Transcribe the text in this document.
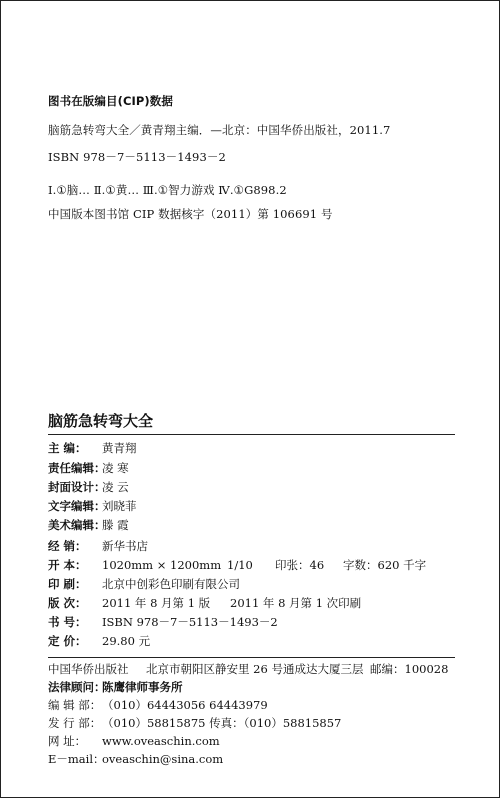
图书在版编目(CIP)数据
脑筋急转弯大全／黄青翔主编．—北京：中国华侨出版社，2011.7
ISBN 978－7－5113－1493－2
Ⅰ.①脑… Ⅱ.①黄… Ⅲ.①智力游戏 Ⅳ.①G898.2
中国版本图书馆 CIP 数据核字（2011）第 106691 号
脑筋急转弯大全
主 编： 黄青翔
责任编辑：凌 寒
封面设计：凌 云
文字编辑：刘晓菲
美术编辑：滕 霞
经 销： 新华书店
开 本： 1020mm × 1200mm 1/10 印张：46 字数：620 千字
印 刷： 北京中创彩色印刷有限公司
版 次： 2011 年 8 月第 1 版 2011 年 8 月第 1 次印刷
书 号： ISBN 978－7－5113－1493－2
定 价： 29.80 元
中国华侨出版社 北京市朝阳区静安里 26 号通成达大厦三层 邮编：100028
法律顾问：陈鹰律师事务所
编 辑 部：（010）64443056 64443979
发 行 部：（010）58815875 传真：（010）58815857
网 址： www.oveaschin.com
E－mail：oveaschin@sina.com
